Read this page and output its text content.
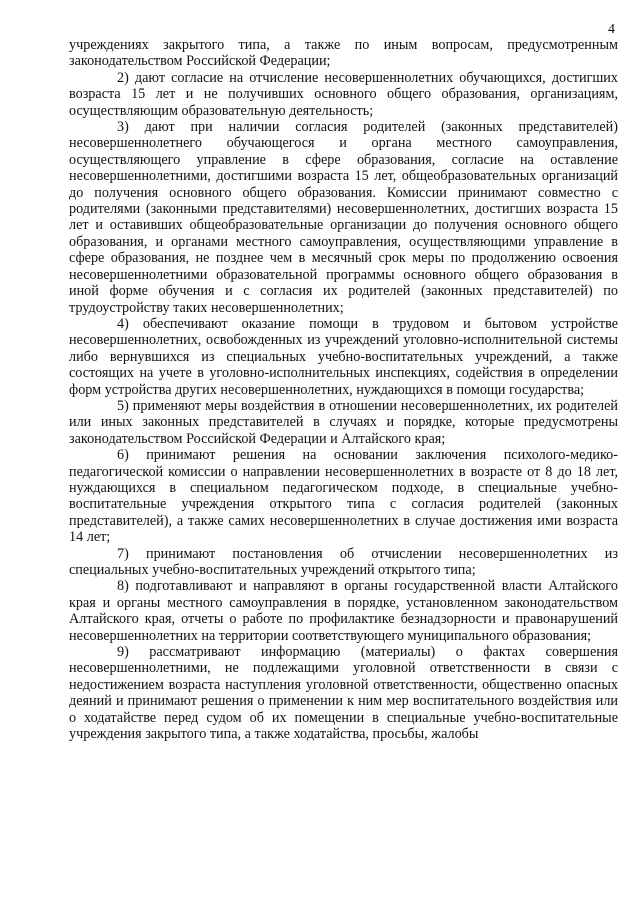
4

учреждениях закрытого типа, а также по иным вопросам, предусмотренным законодательством Российской Федерации;

2) дают согласие на отчисление несовершеннолетних обучающихся, достигших возраста 15 лет и не получивших основного общего образования, организациям, осуществляющим образовательную деятельность;

3) дают при наличии согласия родителей (законных представителей) несовершеннолетнего обучающегося и органа местного самоуправления, осуществляющего управление в сфере образования, согласие на оставление несовершеннолетними, достигшими возраста 15 лет, общеобразовательных организаций до получения основного общего образования. Комиссии принимают совместно с родителями (законными представителями) несовершеннолетних, достигших возраста 15 лет и оставивших общеобразовательные организации до получения основного общего образования, и органами местного самоуправления, осуществляющими управление в сфере образования, не позднее чем в месячный срок меры по продолжению освоения несовершеннолетними образовательной программы основного общего образования в иной форме обучения и с согласия их родителей (законных представителей) по трудоустройству таких несовершеннолетних;

4) обеспечивают оказание помощи в трудовом и бытовом устройстве несовершеннолетних, освобожденных из учреждений уголовно-исполнительной системы либо вернувшихся из специальных учебно-воспитательных учреждений, а также состоящих на учете в уголовно-исполнительных инспекциях, содействия в определении форм устройства других несовершеннолетних, нуждающихся в помощи государства;

5) применяют меры воздействия в отношении несовершеннолетних, их родителей или иных законных представителей в случаях и порядке, которые предусмотрены законодательством Российской Федерации и Алтайского края;

6) принимают решения на основании заключения психолого-медико-педагогической комиссии о направлении несовершеннолетних в возрасте от 8 до 18 лет, нуждающихся в специальном педагогическом подходе, в специальные учебно-воспитательные учреждения открытого типа с согласия родителей (законных представителей), а также самих несовершеннолетних в случае достижения ими возраста 14 лет;

7) принимают постановления об отчислении несовершеннолетних из специальных учебно-воспитательных учреждений открытого типа;

8) подготавливают и направляют в органы государственной власти Алтайского края и органы местного самоуправления в порядке, установленном законодательством Алтайского края, отчеты о работе по профилактике безнадзорности и правонарушений несовершеннолетних на территории соответствующего муниципального образования;

9) рассматривают информацию (материалы) о фактах совершения несовершеннолетними, не подлежащими уголовной ответственности в связи с недостижением возраста наступления уголовной ответственности, общественно опасных деяний и принимают решения о применении к ним мер воспитательного воздействия или о ходатайстве перед судом об их помещении в специальные учебно-воспитательные учреждения закрытого типа, а также ходатайства, просьбы, жалобы
